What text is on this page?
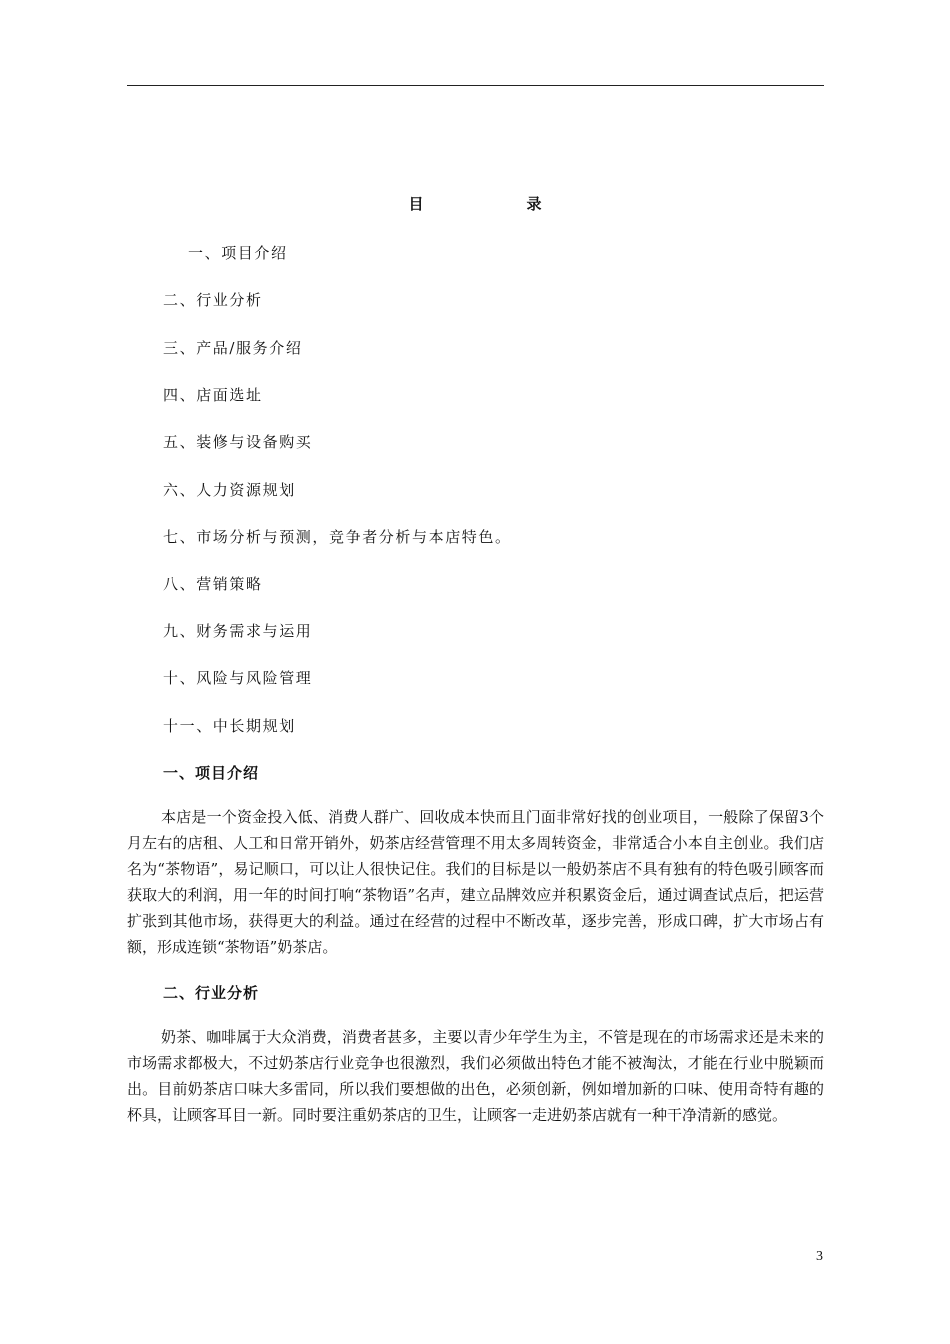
目	录
一、项目介绍
二、行业分析
三、产品/服务介绍
四、店面选址
五、装修与设备购买
六、人力资源规划
七、市场分析与预测，竞争者分析与本店特色。
八、营销策略
九、财务需求与运用
十、风险与风险管理
十一、中长期规划
一、项目介绍

本店是一个资金投入低、消费人群广、回收成本快而且门面非常好找的创业项目，一般除了保留3个月左右的店租、人工和日常开销外，奶茶店经营管理不用太多周转资金，非常适合小本自主创业。我们店名为“茶物语”，易记顺口，可以让人很快记住。我们的目标是以一般奶茶店不具有独有的特色吸引顾客而获取大的利润，用一年的时间打响“茶物语”名声，建立品牌效应并积累资金后，通过调查试点后，把运营扩张到其他市场，获得更大的利益。通过在经营的过程中不断改革，逐步完善，形成口碑，扩大市场占有额，形成连锁“茶物语”奶茶店。

二、行业分析

奶茶、咖啡属于大众消费，消费者甚多，主要以青少年学生为主，不管是现在的市场需求还是未来的市场需求都极大，不过奶茶店行业竞争也很激烈，我们必须做出特色才能不被淘汰，才能在行业中脱颖而出。目前奶茶店口味大多雷同，所以我们要想做的出色，必须创新，例如增加新的口味、使用奇特有趣的杯具，让顾客耳目一新。同时要注重奶茶店的卫生，让顾客一走进奶茶店就有一种干净清新的感觉。

3
